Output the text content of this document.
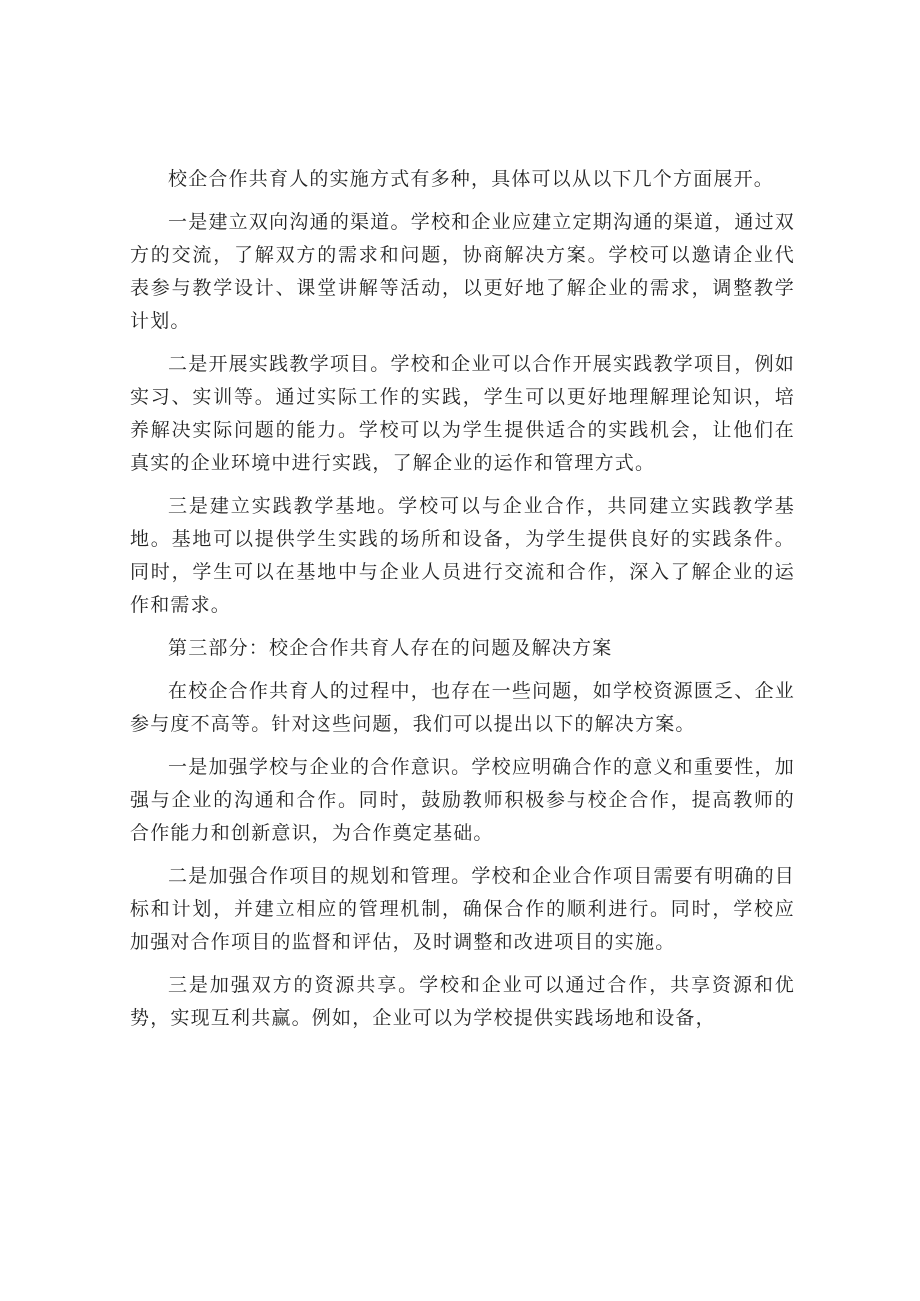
校企合作共育人的实施方式有多种，具体可以从以下几个方面展开。

一是建立双向沟通的渠道。学校和企业应建立定期沟通的渠道，通过双方的交流，了解双方的需求和问题，协商解决方案。学校可以邀请企业代表参与教学设计、课堂讲解等活动，以更好地了解企业的需求，调整教学计划。

二是开展实践教学项目。学校和企业可以合作开展实践教学项目，例如实习、实训等。通过实际工作的实践，学生可以更好地理解理论知识，培养解决实际问题的能力。学校可以为学生提供适合的实践机会，让他们在真实的企业环境中进行实践，了解企业的运作和管理方式。

三是建立实践教学基地。学校可以与企业合作，共同建立实践教学基地。基地可以提供学生实践的场所和设备，为学生提供良好的实践条件。同时，学生可以在基地中与企业人员进行交流和合作，深入了解企业的运作和需求。

第三部分：校企合作共育人存在的问题及解决方案

在校企合作共育人的过程中，也存在一些问题，如学校资源匮乏、企业参与度不高等。针对这些问题，我们可以提出以下的解决方案。

一是加强学校与企业的合作意识。学校应明确合作的意义和重要性，加强与企业的沟通和合作。同时，鼓励教师积极参与校企合作，提高教师的合作能力和创新意识，为合作奠定基础。

二是加强合作项目的规划和管理。学校和企业合作项目需要有明确的目标和计划，并建立相应的管理机制，确保合作的顺利进行。同时，学校应加强对合作项目的监督和评估，及时调整和改进项目的实施。

三是加强双方的资源共享。学校和企业可以通过合作，共享资源和优势，实现互利共赢。例如，企业可以为学校提供实践场地和设备，
